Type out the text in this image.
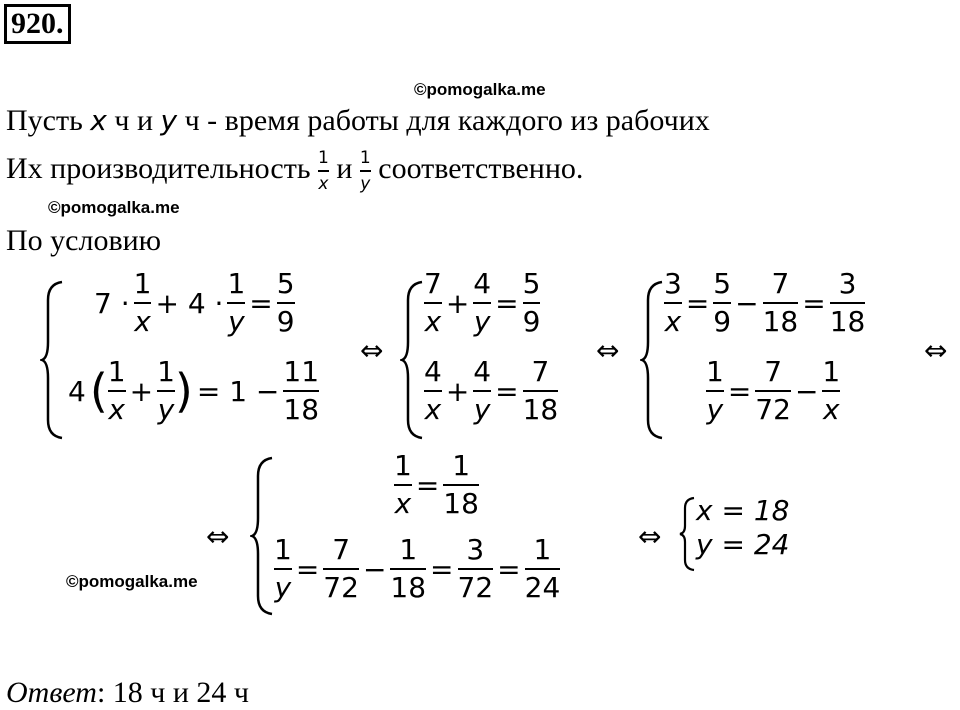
920.
©pomogalka.me
©pomogalka.me
©pomogalka.me
Пусть x ч и y ч - время работы для каждого из рабочих
Их производительность $\frac{1}{x}$ и $\frac{1}{y}$ соответственно.
По условию
$7 \cdot \frac{1}{x} + 4 \cdot \frac{1}{y} = \frac{5}{9}$
$4( \frac{1}{x} + \frac{1}{y}$ ) = $1 - \frac{11}{18}$
⇔
$\frac{7}{x} + \frac{4}{y} = \frac{5}{9}$
$\frac{4}{x} + \frac{4}{y} = \frac{7}{18}$
⇔
$\frac{3}{x} = \frac{5}{9} - \frac{7}{18} = \frac{3}{18}$
$\frac{1}{y} = \frac{7}{72} - \frac{1}{x}$
⇔
⇔
$\frac{1}{x} = \frac{1}{18}$
$\frac{1}{y} = \frac{7}{72} - \frac{1}{18} = \frac{3}{72} = \frac{1}{24}$	⇔
x = 18
y = 24
Ответ: 18 ч и 24 ч
